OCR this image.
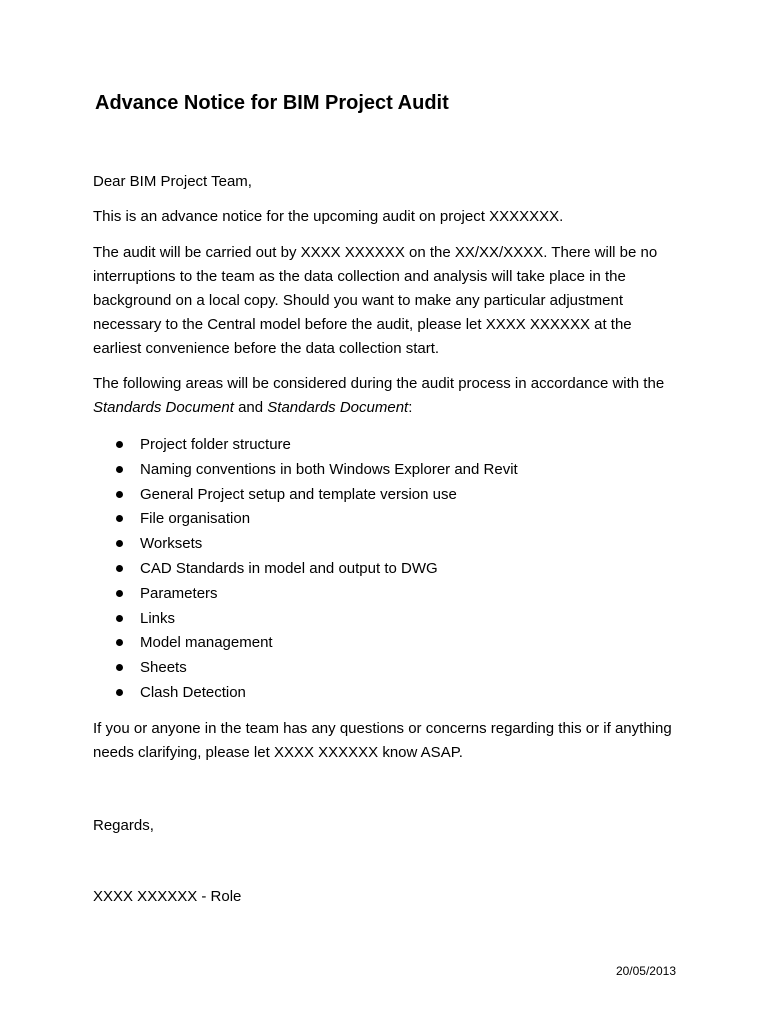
Advance Notice for BIM Project Audit

Dear BIM Project Team,

This is an advance notice for the upcoming audit on project XXXXXXX.

The audit will be carried out by XXXX XXXXXX on the XX/XX/XXXX. There will be no interruptions to the team as the data collection and analysis will take place in the background on a local copy. Should you want to make any particular adjustment necessary to the Central model before the audit, please let XXXX XXXXXX at the earliest convenience before the data collection start.

The following areas will be considered during the audit process in accordance with the Standards Document and Standards Document:

Project folder structure
Naming conventions in both Windows Explorer and Revit
General Project setup and template version use
File organisation
Worksets
CAD Standards in model and output to DWG
Parameters
Links
Model management
Sheets
Clash Detection

If you or anyone in the team has any questions or concerns regarding this or if anything needs clarifying, please let XXXX XXXXXX know ASAP.

Regards,

XXXX XXXXXX - Role

20/05/2013
